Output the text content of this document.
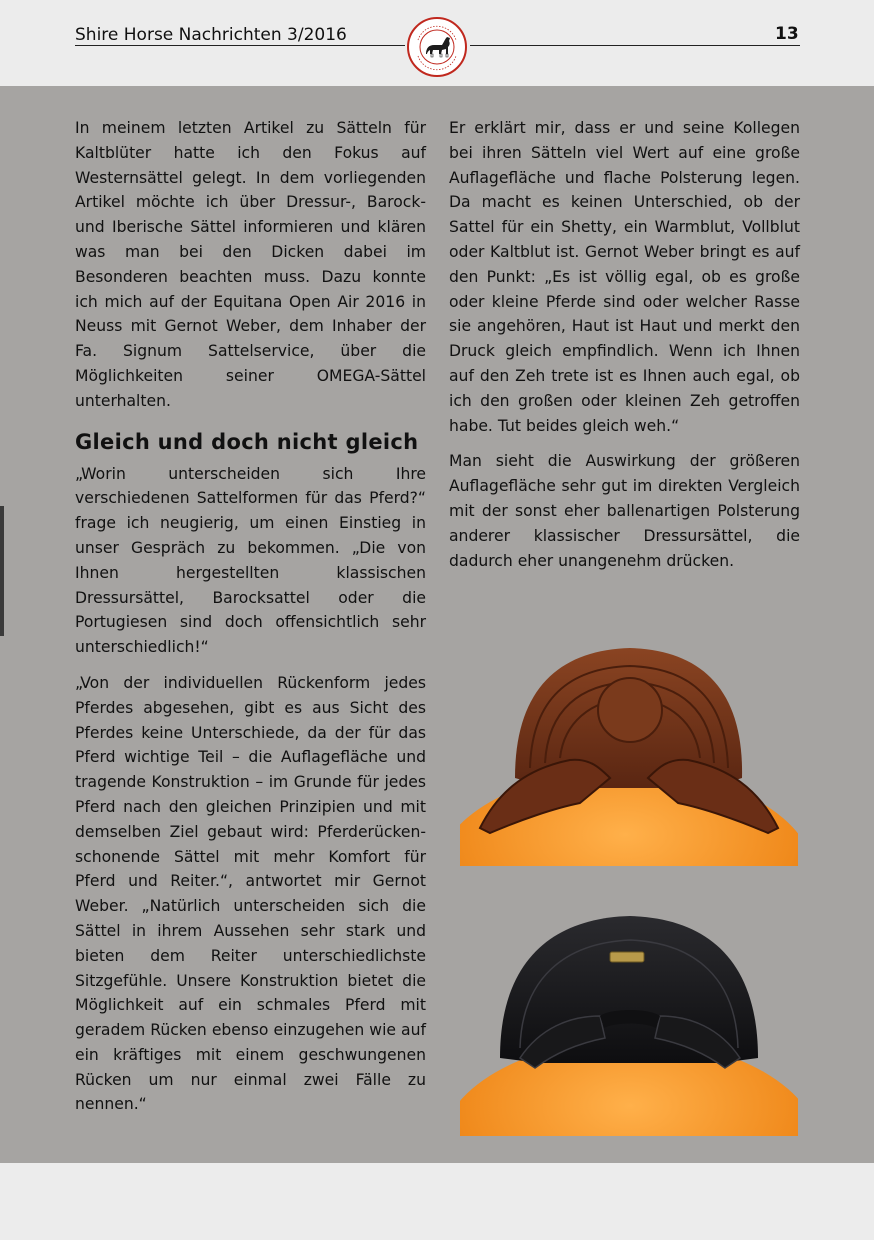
Shire Horse Nachrichten 3/2016	13

In meinem letzten Artikel zu Sätteln für Kaltblüter hatte ich den Fokus auf Westernsättel gelegt. In dem vorliegenden Artikel möchte ich über Dressur-, Barock- und Iberische Sättel informieren und klären was man bei den Dicken dabei im Besonderen beachten muss. Dazu konnte ich mich auf der Equitana Open Air 2016 in Neuss mit Gernot Weber, dem Inhaber der Fa. Signum Sattelservice, über die Möglichkeiten seiner OMEGA-Sättel unterhalten.

Gleich und doch nicht gleich

„Worin unterscheiden sich Ihre verschiedenen Sattelformen für das Pferd?“ frage ich neugierig, um einen Einstieg in unser Gespräch zu bekommen. „Die von Ihnen hergestellten klassischen Dressursättel, Barocksattel oder die Portugiesen sind doch offensichtlich sehr unterschiedlich!“

„Von der individuellen Rückenform jedes Pferdes abgesehen, gibt es aus Sicht des Pferdes keine Unterschiede, da der für das Pferd wichtige Teil – die Auflagefläche und tragende Konstruktion – im Grunde für jedes Pferd nach den gleichen Prinzipien und mit demselben Ziel gebaut wird: Pferderücken-schonende Sättel mit mehr Komfort für Pferd und Reiter.“, antwortet mir Gernot Weber. „Natürlich unterscheiden sich die Sättel in ihrem Aussehen sehr stark und bieten dem Reiter unterschiedlichste Sitzgefühle. Unsere Konstruktion bietet die Möglichkeit auf ein schmales Pferd mit geradem Rücken ebenso einzugehen wie auf ein kräftiges mit einem geschwungenen Rücken um nur einmal zwei Fälle zu nennen.“

Er erklärt mir, dass er und seine Kollegen bei ihren Sätteln viel Wert auf eine große Auflagefläche und flache Polsterung legen. Da macht es keinen Unterschied, ob der Sattel für ein Shetty, ein Warmblut, Vollblut oder Kaltblut ist. Gernot Weber bringt es auf den Punkt: „Es ist völlig egal, ob es große oder kleine Pferde sind oder welcher Rasse sie angehören, Haut ist Haut und merkt den Druck gleich empfindlich. Wenn ich Ihnen auf den Zeh trete ist es Ihnen auch egal, ob ich den großen oder kleinen Zeh getroffen habe. Tut beides gleich weh.“

Man sieht die Auswirkung der größeren Auflagefläche sehr gut im direkten Vergleich mit der sonst eher ballenartigen Polsterung anderer klassischer Dressursättel, die dadurch eher unangenehm drücken.
